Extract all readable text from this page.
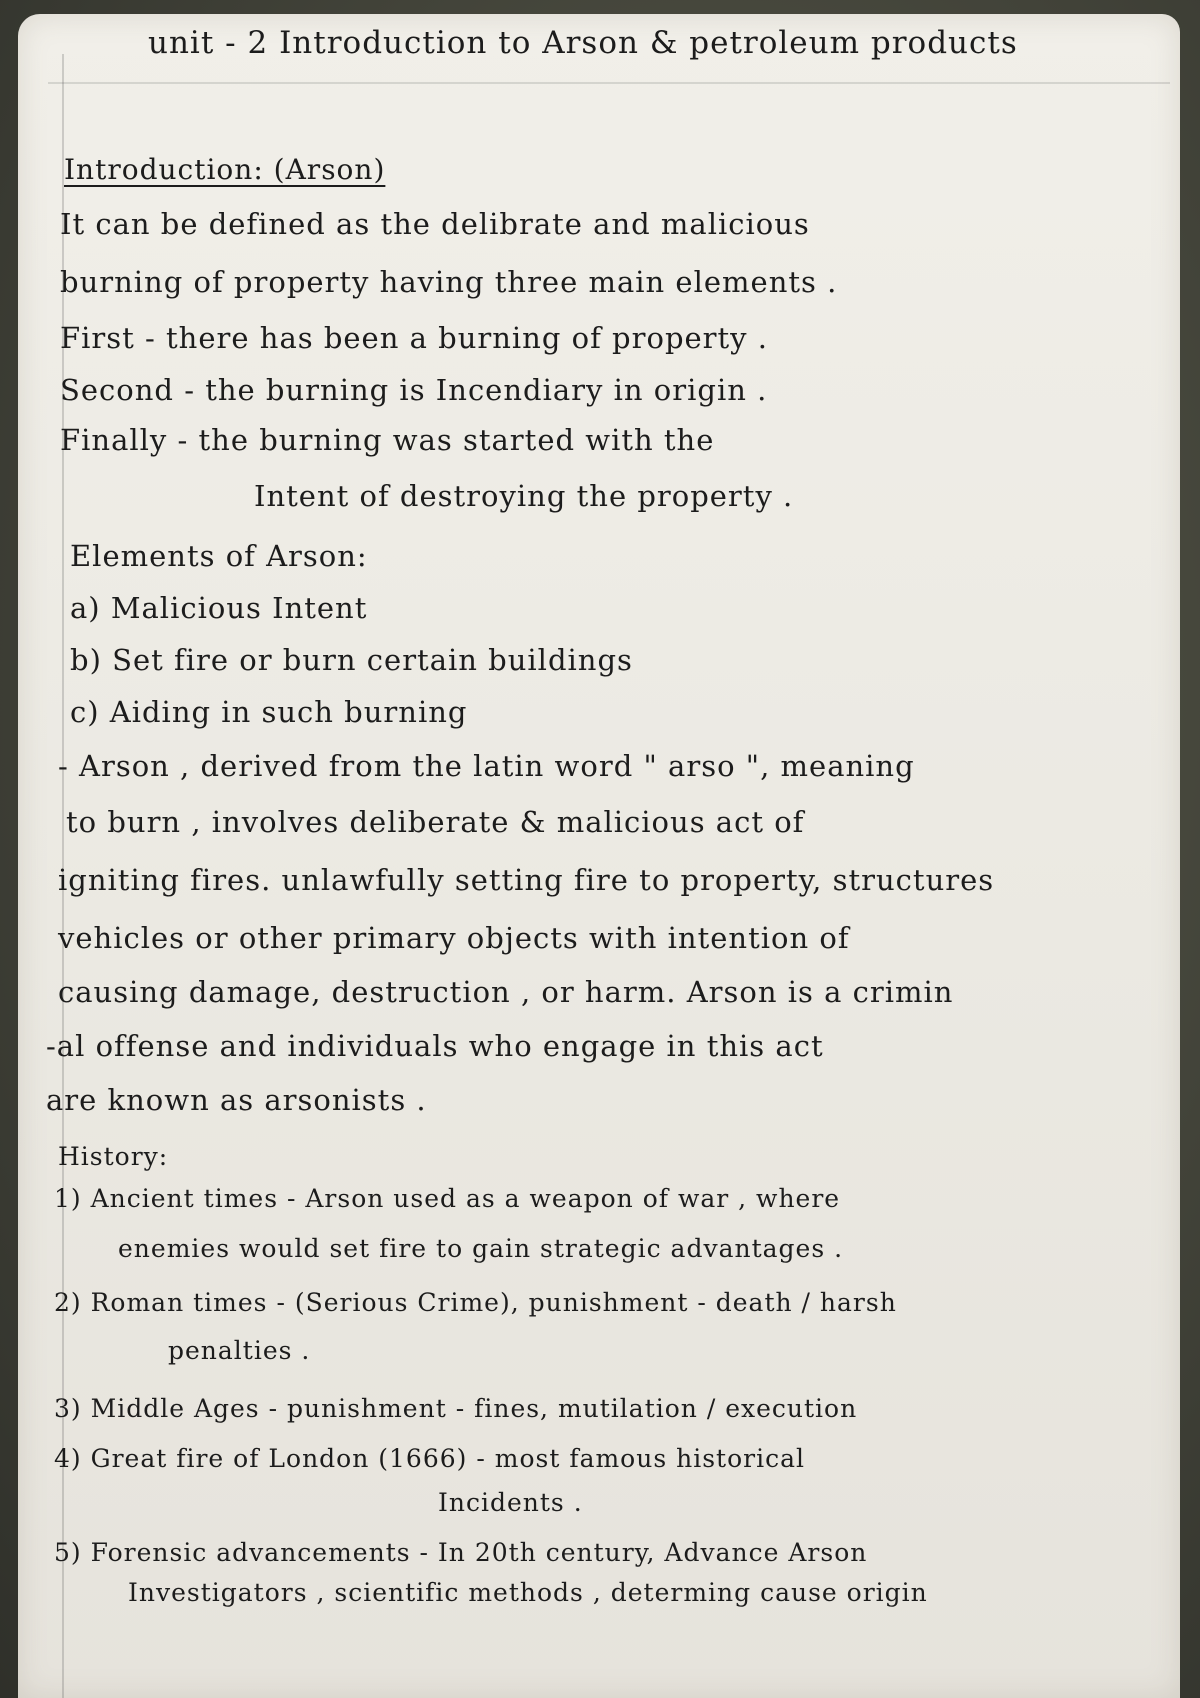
unit - 2 Introduction to Arson & petroleum products
Introduction: (Arson)
It can be defined as the delibrate and malicious
burning of property having three main elements .
First - there has been a burning of property .
Second - the burning is Incendiary in origin .
Finally - the burning was started with the
Intent of destroying the property .
Elements of Arson:
a) Malicious Intent
b) Set fire or burn certain buildings
c) Aiding in such burning
- Arson , derived from the latin word " arso ", meaning
to burn , involves deliberate & malicious act of
igniting fires. unlawfully setting fire to property, structures
vehicles or other primary objects with intention of
causing damage, destruction , or harm. Arson is a crimin
-al offense and individuals who engage in this act
are known as arsonists .
History:
1) Ancient times - Arson used as a weapon of war , where
enemies would set fire to gain strategic advantages .
2) Roman times - (Serious Crime), punishment - death / harsh
penalties .
3) Middle Ages - punishment - fines, mutilation / execution
4) Great fire of London (1666) - most famous historical
Incidents .
5) Forensic advancements - In 20th century, Advance Arson
Investigators , scientific methods , determing cause origin
